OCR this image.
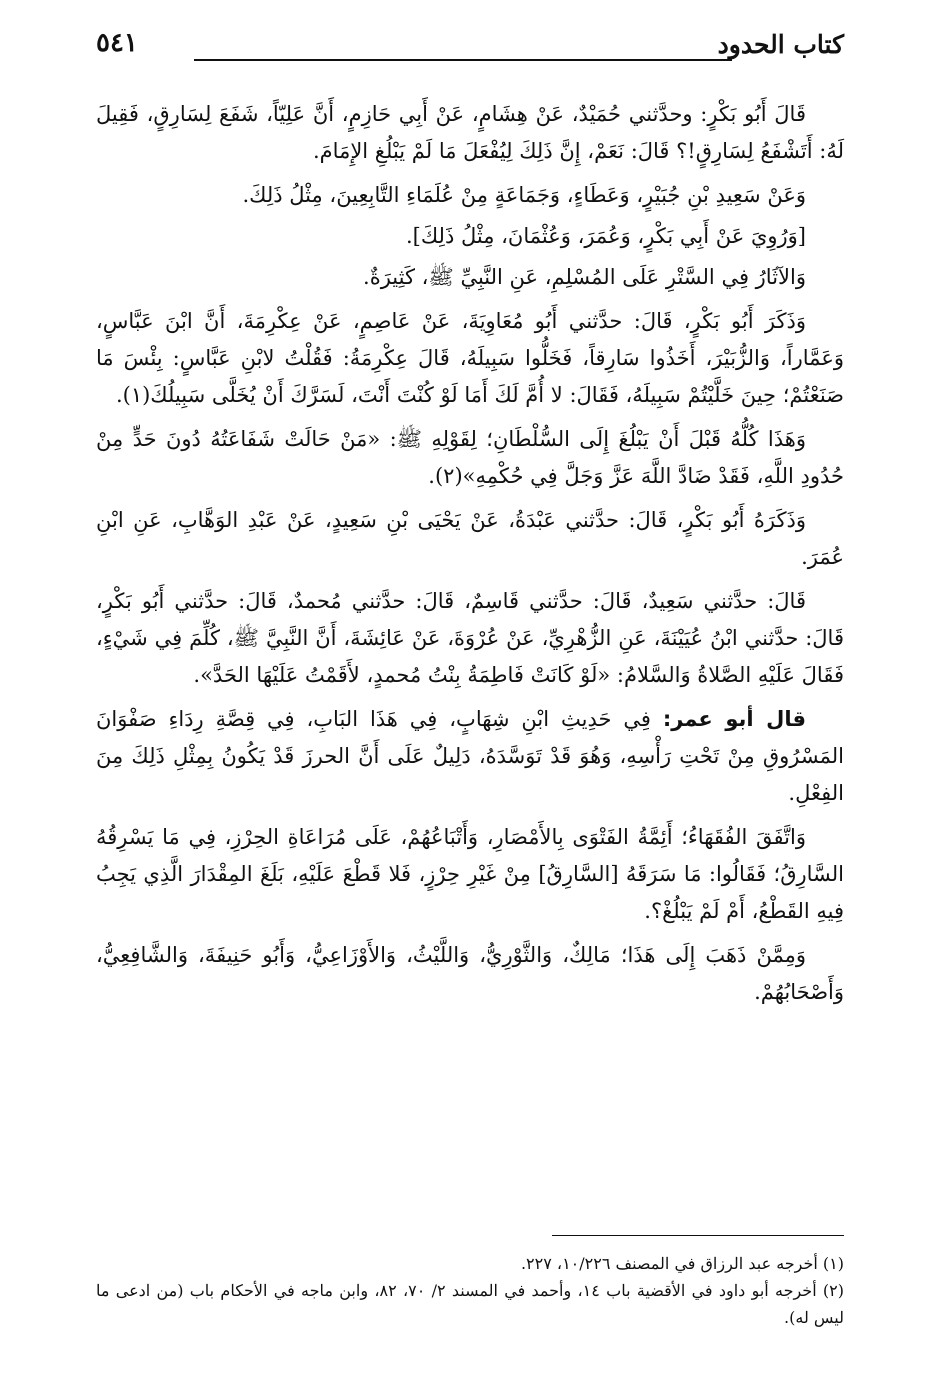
كتاب الحدود
٥٤١

قَالَ أَبُو بَكْرٍ: وحدَّثني حُمَيْدٌ، عَنْ هِشَامٍ، عَنْ أَبِي حَازِمٍ، أَنَّ عَلِيّاً، شَفَعَ لِسَارِقٍ، فَقِيلَ لَهُ: أَتَشْفَعُ لِسَارِقٍ!؟ قَالَ: نَعَمْ، إِنَّ ذَلِكَ لِيُفْعَلَ مَا لَمْ يَبْلُغِ الإِمَامَ.

وَعَنْ سَعِيدِ بْنِ جُبَيْرٍ، وَعَطَاءٍ، وَجَمَاعَةٍ مِنْ عُلَمَاءِ التَّابِعِينَ، مِثْلُ ذَلِكَ.

[وَرُوِيَ عَنْ أَبِي بَكْرٍ، وَعُمَرَ، وَعُثْمَانَ، مِثْلُ ذَلِكَ].

وَالآثَارُ فِي السَّتْرِ عَلَى المُسْلِمِ، عَنِ النَّبِيِّ ﷺ، كَثِيرَةٌ.

وَذَكَرَ أَبُو بَكْرٍ، قَالَ: حدَّثني أَبُو مُعَاوِيَةَ، عَنْ عَاصِمٍ، عَنْ عِكْرِمَةَ، أَنَّ ابْنَ عَبَّاسٍ، وَعَمَّاراً، وَالزُّبَيْرَ، أَخَذُوا سَارِقاً، فَخَلُّوا سَبِيلَهُ، قَالَ عِكْرِمَةُ: فَقُلْتُ لابْنِ عَبَّاسٍ: بِئْسَ مَا صَنَعْتُمْ؛ حِينَ خَلَّيْتُمْ سَبِيلَهُ، فَقَالَ: لا أُمَّ لَكَ أَمَا لَوْ كُنْتَ أَنْتَ، لَسَرَّكَ أَنْ يُخَلَّى سَبِيلُكَ(١).

وَهَذَا كُلُّهُ قَبْلَ أَنْ يَبْلُغَ إِلَى السُّلْطَانِ؛ لِقَوْلِهِ ﷺ: «مَنْ حَالَتْ شَفَاعَتُهُ دُونَ حَدٍّ مِنْ حُدُودِ اللَّهِ، فَقَدْ ضَادَّ اللَّهَ عَزَّ وَجَلَّ فِي حُكْمِهِ»(٢).

وَذَكَرَهُ أَبُو بَكْرٍ، قَالَ: حدَّثني عَبْدَةُ، عَنْ يَحْيَى بْنِ سَعِيدٍ، عَنْ عَبْدِ الوَهَّابِ، عَنِ ابْنِ عُمَرَ.

قَالَ: حدَّثني سَعِيدٌ، قَالَ: حدَّثني قَاسِمٌ، قَالَ: حدَّثني مُحمدٌ، قَالَ: حدَّثني أَبُو بَكْرٍ، قَالَ: حدَّثني ابْنُ عُيَيْنَةَ، عَنِ الزُّهْرِيِّ، عَنْ عُرْوَةَ، عَنْ عَائِشَةَ، أَنَّ النَّبِيَّ ﷺ، كُلِّمَ فِي شَيْءٍ، فَقَالَ عَلَيْهِ الصَّلاةُ وَالسَّلامُ: «لَوْ كَانَتْ فَاطِمَةُ بِنْتُ مُحمدٍ، لأَقَمْتُ عَلَيْهَا الحَدَّ».

قال أبو عمر: فِي حَدِيثِ ابْنِ شِهَابٍ، فِي هَذَا البَابِ، فِي قِصَّةِ رِدَاءِ صَفْوَانَ المَسْرُوقِ مِنْ تَحْتِ رَأْسِهِ، وَهُوَ قَدْ تَوَسَّدَهُ، دَلِيلٌ عَلَى أَنَّ الحرزَ قَدْ يَكُونُ بِمِثْلِ ذَلِكَ مِنَ الفِعْلِ.

وَاتَّفَقَ الفُقَهَاءُ؛ أَئِمَّةُ الفَتْوَى بِالأَمْصَارِ، وَأَتْبَاعُهُمْ، عَلَى مُرَاعَاةِ الحِرْزِ، فِي مَا يَسْرِقُهُ السَّارِقُ؛ فَقَالُوا: مَا سَرَقَهُ [السَّارِقُ] مِنْ غَيْرِ حِرْزٍ، فَلا قَطْعَ عَلَيْهِ، بَلَغَ المِقْدَارَ الَّذِي يَجِبُ فِيهِ القَطْعُ، أَمْ لَمْ يَبْلُغْ؟.

وَمِمَّنْ ذَهَبَ إِلَى هَذَا؛ مَالِكٌ، وَالثَّوْرِيُّ، وَاللَّيْثُ، وَالأَوْزَاعِيُّ، وَأَبُو حَنِيفَةَ، وَالشَّافِعِيُّ، وَأَصْحَابُهُمْ.

(١) أخرجه عبد الرزاق في المصنف ١٠/٢٢٦، ٢٢٧.

(٢) أخرجه أبو داود في الأقضية باب ١٤، وأحمد في المسند ٢/ ٧٠، ٨٢، وابن ماجه في الأحكام باب (من ادعى ما ليس له).
